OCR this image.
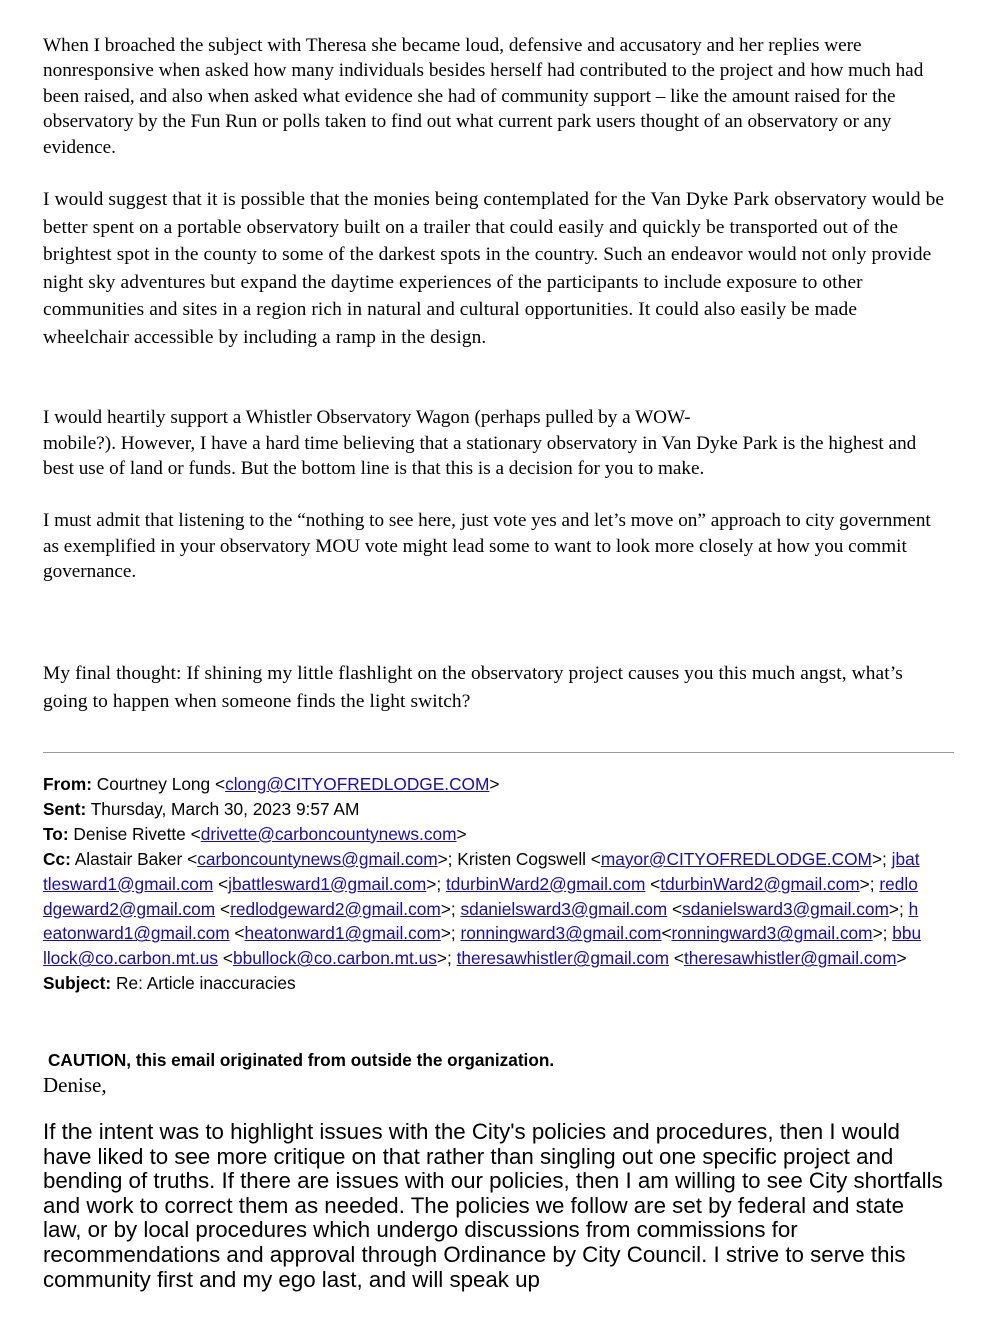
When I broached the subject with Theresa she became loud, defensive and accusatory and her replies were nonresponsive when asked how many individuals besides herself had contributed to the project and how much had been raised, and also when asked what evidence she had of community support – like the amount raised for the observatory by the Fun Run or polls taken to find out what current park users thought of an observatory or any evidence.

I would suggest that it is possible that the monies being contemplated for the Van Dyke Park observatory would be better spent on a portable observatory built on a trailer that could easily and quickly be transported out of the brightest spot in the county to some of the darkest spots in the country. Such an endeavor would not only provide night sky adventures but expand the daytime experiences of the participants to include exposure to other communities and sites in a region rich in natural and cultural opportunities. It could also easily be made wheelchair accessible by including a ramp in the design.

I would heartily support a Whistler Observatory Wagon (perhaps pulled by a WOW-
mobile?). However, I have a hard time believing that a stationary observatory in Van Dyke Park is the highest and best use of land or funds. But the bottom line is that this is a decision for you to make.

I must admit that listening to the “nothing to see here, just vote yes and let’s move on” approach to city government as exemplified in your observatory MOU vote might lead some to want to look more closely at how you commit governance.

My final thought: If shining my little flashlight on the observatory project causes you this much angst, what’s going to happen when someone finds the light switch?

From: Courtney Long <clong@CITYOFREDLODGE.COM>
Sent: Thursday, March 30, 2023 9:57 AM
To: Denise Rivette <drivette@carboncountynews.com>
Cc: Alastair Baker <carboncountynews@gmail.com>; Kristen Cogswell <mayor@CITYOFREDLODGE.COM>; jbattlesward1@gmail.com <jbattlesward1@gmail.com>; tdurbinWard2@gmail.com <tdurbinWard2@gmail.com>; redlodgeward2@gmail.com <redlodgeward2@gmail.com>; sdanielsward3@gmail.com <sdanielsward3@gmail.com>; heatonward1@gmail.com <heatonward1@gmail.com>; ronningward3@gmail.com<ronningward3@gmail.com>; bbullock@co.carbon.mt.us <bbullock@co.carbon.mt.us>; theresawhistler@gmail.com <theresawhistler@gmail.com>
Subject: Re: Article inaccuracies
CAUTION, this email originated from outside the organization.
Denise,
If the intent was to highlight issues with the City's policies and procedures, then I would have liked to see more critique on that rather than singling out one specific project and bending of truths. If there are issues with our policies, then I am willing to see City shortfalls and work to correct them as needed. The policies we follow are set by federal and state law, or by local procedures which undergo discussions from commissions for recommendations and approval through Ordinance by City Council. I strive to serve this community first and my ego last, and will speak up
